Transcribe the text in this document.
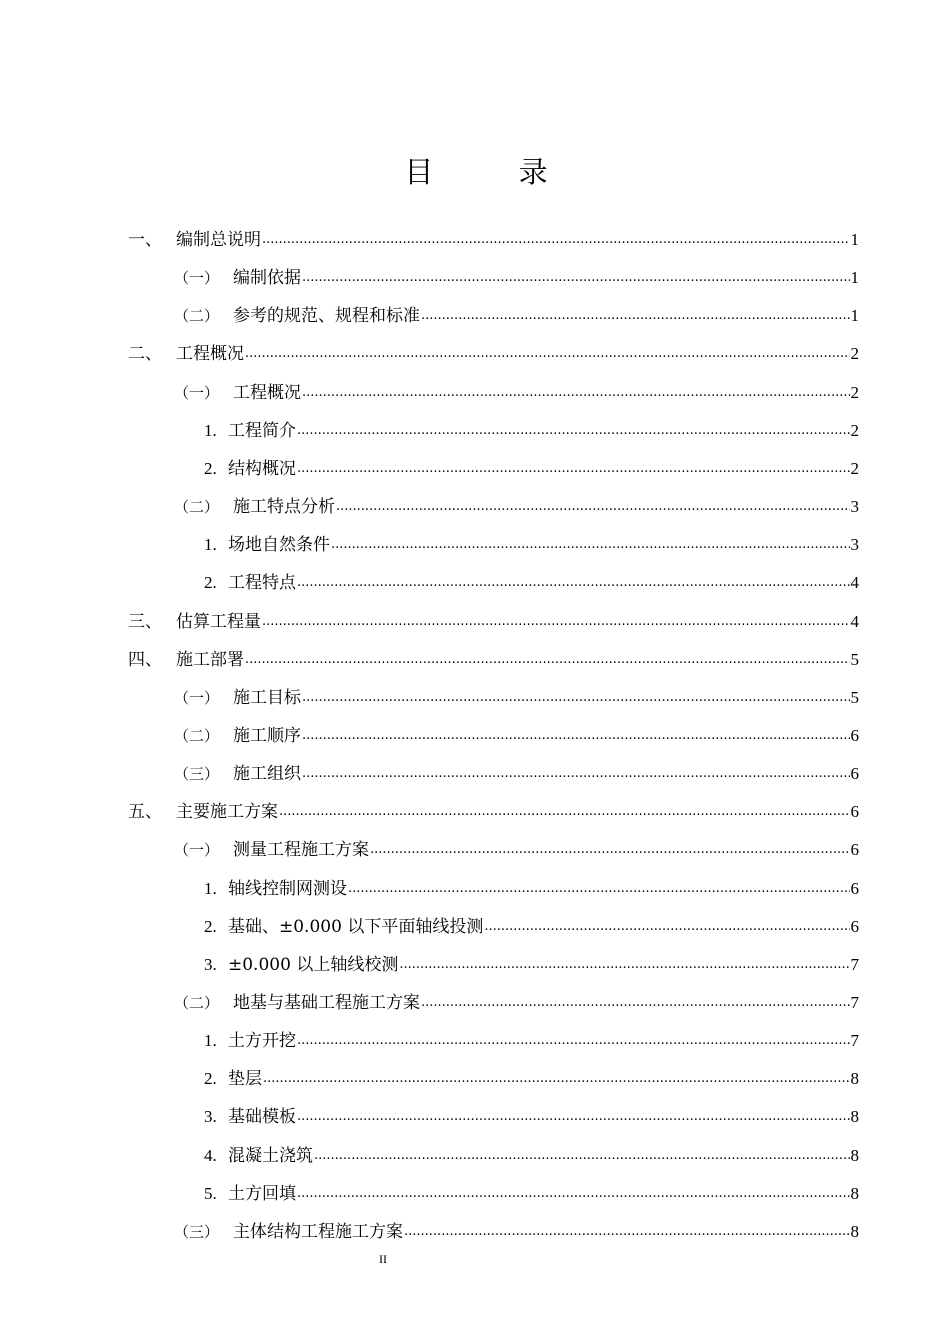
目 录
一、 编制总说明 .....	1
（一） 编制依据 .....	1
（二） 参考的规范、规程和标准 .....	1
二、 工程概况 .....	2
（一） 工程概况 .....	2
1. 工程简介 .....	2
2. 结构概况 .....	2
（二） 施工特点分析 .....	3
1. 场地自然条件 .....	3
2. 工程特点 .....	4
三、 估算工程量 .....	4
四、 施工部署 .....	5
（一） 施工目标 .....	5
（二） 施工顺序 .....	6
（三） 施工组织 .....	6
五、 主要施工方案 .....	6
（一） 测量工程施工方案 .....	6
1. 轴线控制网测设 .....	6
2. 基础、±0.000 以下平面轴线投测 .....	6
3. ±0.000 以上轴线校测 .....	7
（二） 地基与基础工程施工方案 .....	7
1. 土方开挖 .....	7
2. 垫层 .....	8
3. 基础模板 .....	8
4. 混凝土浇筑 .....	8
5. 土方回填 .....	8
（三） 主体结构工程施工方案 .....	8
II
